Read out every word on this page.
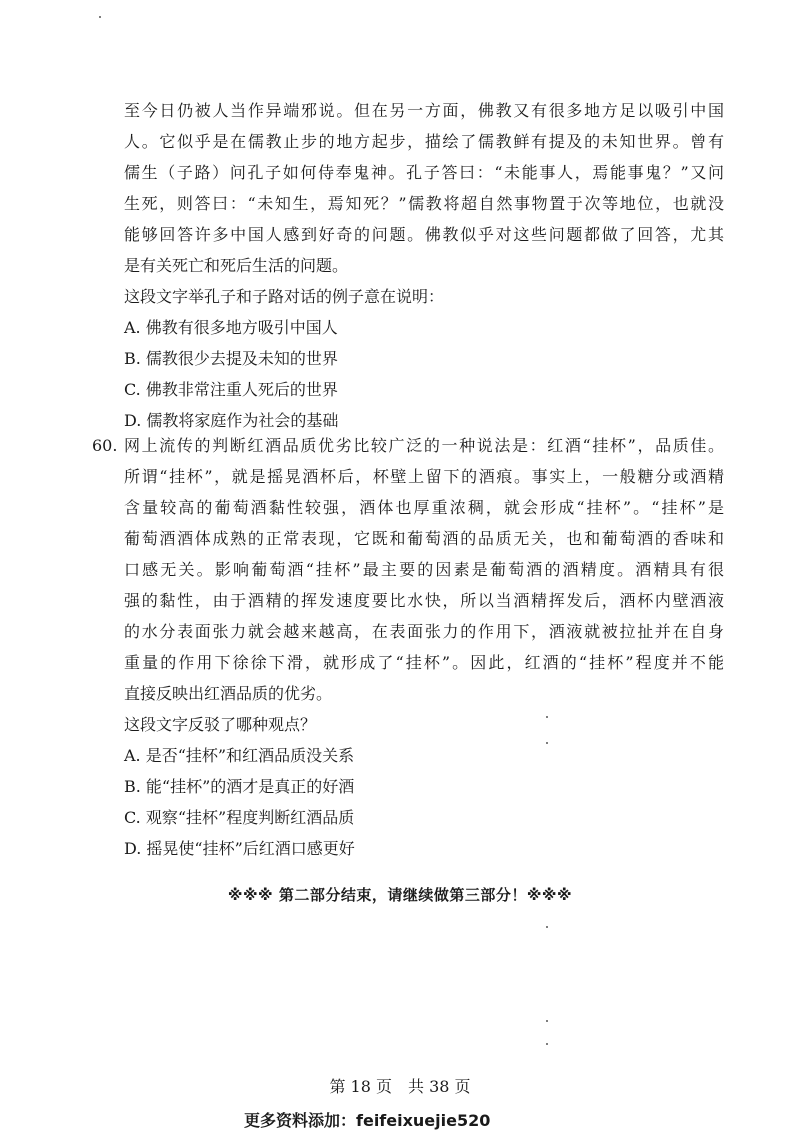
至今日仍被人当作异端邪说。但在另一方面，佛教又有很多地方足以吸引中国
人。它似乎是在儒教止步的地方起步，描绘了儒教鲜有提及的未知世界。曾有
儒生（子路）问孔子如何侍奉鬼神。孔子答曰：“未能事人，焉能事鬼？”又问
生死，则答曰：“未知生，焉知死？”儒教将超自然事物置于次等地位，也就没
能够回答许多中国人感到好奇的问题。佛教似乎对这些问题都做了回答，尤其
是有关死亡和死后生活的问题。
这段文字举孔子和子路对话的例子意在说明：
A. 佛教有很多地方吸引中国人
B. 儒教很少去提及未知的世界
C. 佛教非常注重人死后的世界
D. 儒教将家庭作为社会的基础
60. 网上流传的判断红酒品质优劣比较广泛的一种说法是：红酒“挂杯”，品质佳。
所谓“挂杯”，就是摇晃酒杯后，杯壁上留下的酒痕。事实上，一般糖分或酒精
含量较高的葡萄酒黏性较强，酒体也厚重浓稠，就会形成“挂杯”。“挂杯”是
葡萄酒酒体成熟的正常表现，它既和葡萄酒的品质无关，也和葡萄酒的香味和
口感无关。影响葡萄酒“挂杯”最主要的因素是葡萄酒的酒精度。酒精具有很
强的黏性，由于酒精的挥发速度要比水快，所以当酒精挥发后，酒杯内壁酒液
的水分表面张力就会越来越高，在表面张力的作用下，酒液就被拉扯并在自身
重量的作用下徐徐下滑，就形成了“挂杯”。因此，红酒的“挂杯”程度并不能
直接反映出红酒品质的优劣。
这段文字反驳了哪种观点？
A. 是否“挂杯”和红酒品质没关系
B. 能“挂杯”的酒才是真正的好酒
C. 观察“挂杯”程度判断红酒品质
D. 摇晃使“挂杯”后红酒口感更好
※※※ 第二部分结束，请继续做第三部分！※※※
第 18 页　共 38 页
更多资料添加：feifeixuejie520
